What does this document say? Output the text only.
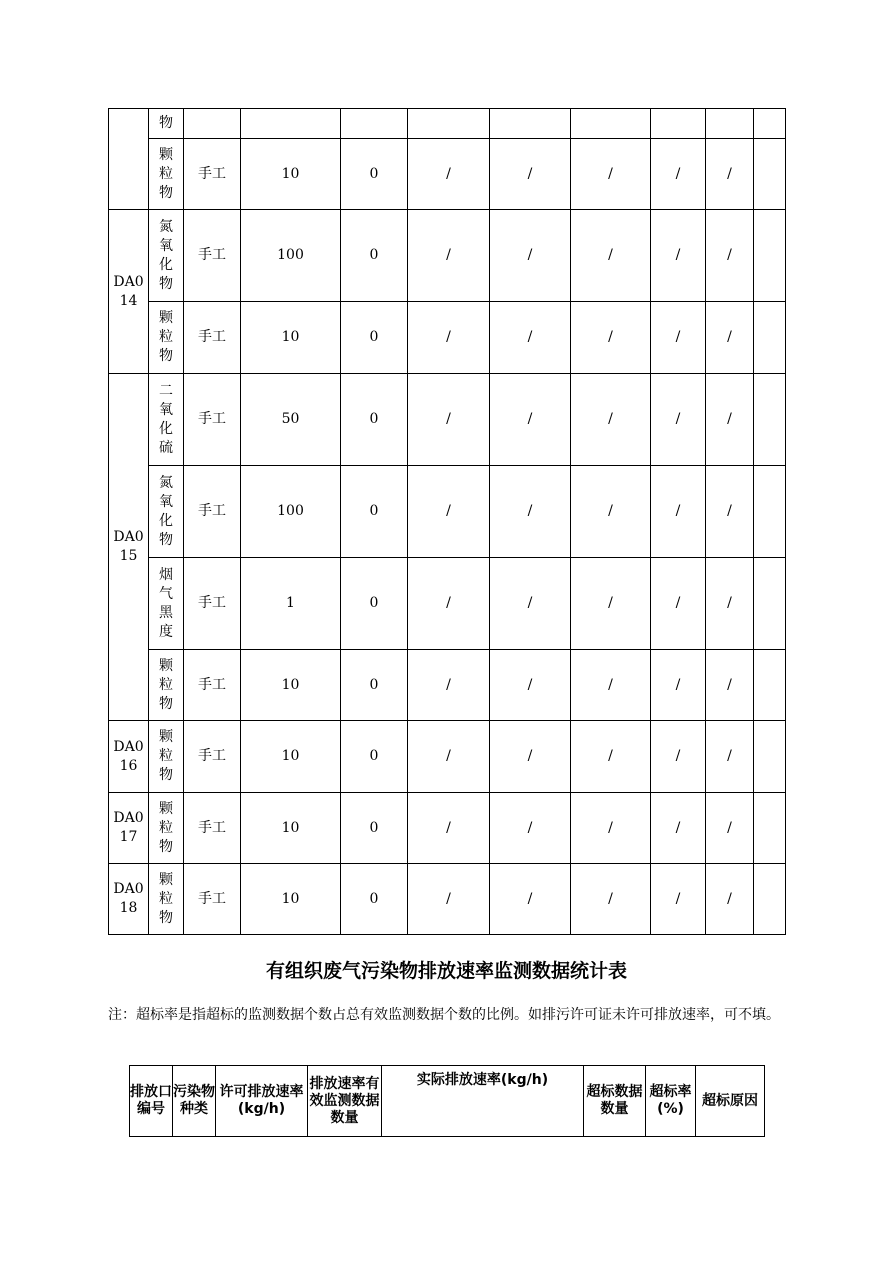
	物									
	颗粒物	手工	10	0	/	/	/	/	/	
DA014	氮氧化物	手工	100	0	/	/	/	/	/	
	颗粒物	手工	10	0	/	/	/	/	/	
DA015	二氧化硫	手工	50	0	/	/	/	/	/	
	氮氧化物	手工	100	0	/	/	/	/	/	
	烟气黑度	手工	1	0	/	/	/	/	/	
	颗粒物	手工	10	0	/	/	/	/	/	
DA016	颗粒物	手工	10	0	/	/	/	/	/	
DA017	颗粒物	手工	10	0	/	/	/	/	/	
DA018	颗粒物	手工	10	0	/	/	/	/	/	
有组织废气污染物排放速率监测数据统计表
注：超标率是指超标的监测数据个数占总有效监测数据个数的比例。如排污许可证未许可排放速率，可不填。
排放口编号	污染物种类	许可排放速率(kg/h)	排放速率有效监测数据数量	实际排放速率(kg/h)	超标数据数量	超标率(%)	超标原因
